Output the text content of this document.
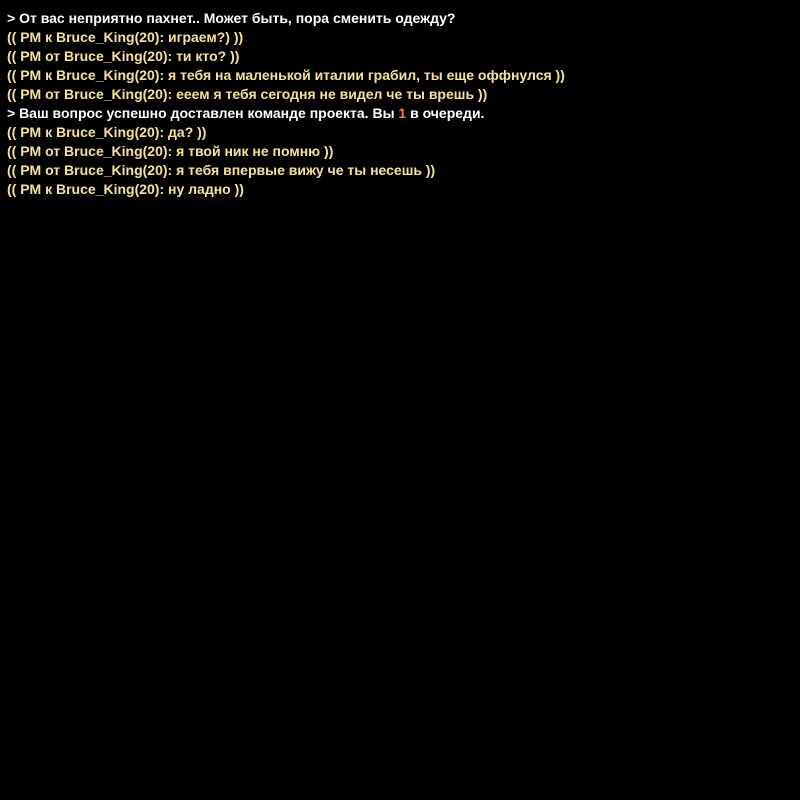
> От вас неприятно пахнет.. Может быть, пора сменить одежду?
(( PM к Bruce_King(20): играем?) ))
(( PM от Bruce_King(20): ти кто? ))
(( PM к Bruce_King(20): я тебя на маленькой италии грабил, ты еще оффнулся ))
(( PM от Bruce_King(20): еeем я тебя сегодня не видел че ты врешь ))
> Ваш вопрос успешно доставлен команде проекта. Вы 1 в очереди.
(( PM к Bruce_King(20): да? ))
(( PM от Bruce_King(20): я твой ник не помню ))
(( PM от Bruce_King(20): я тебя впервые вижу че ты несешь ))
(( PM к Bruce_King(20): ну ладно ))
